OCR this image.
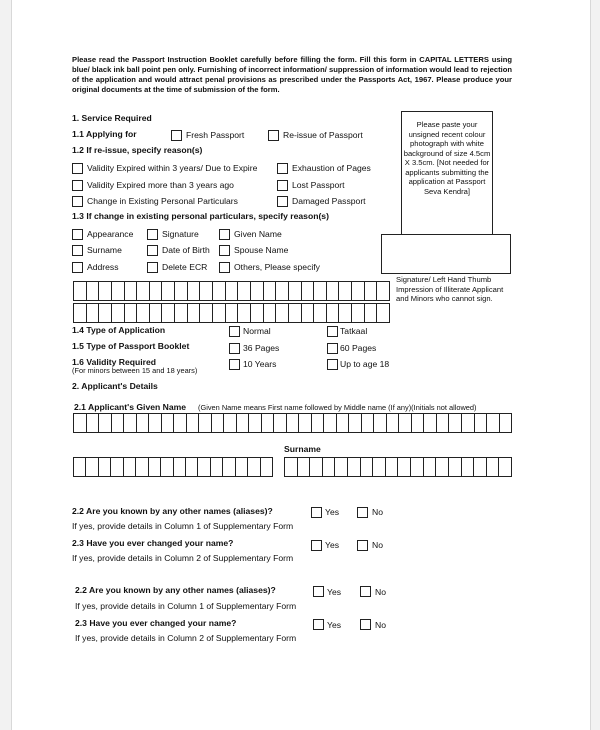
Please read the Passport Instruction Booklet carefully before filling the form. Fill this form in CAPITAL LETTERS using blue/ black ink ball point pen only. Furnishing of incorrect information/ suppression of information would lead to rejection of the application and would attract penal provisions as prescribed under the Passports Act, 1967. Please produce your original documents at the time of submission of the form.
1. Service Required
1.1 Applying for	Fresh Passport	Re-issue of Passport
1.2 If re-issue, specify reason(s)
Validity Expired within 3 years/ Due to Expire	Exhaustion of Pages
Validity Expired more than 3 years ago	Lost Passport
Change in Existing Personal Particulars	Damaged Passport
1.3 If change in existing personal particulars, specify reason(s)
Appearance	Signature	Given Name
Surname	Date of Birth	Spouse Name
Address	Delete ECR	Others, Please specify
Please paste your unsigned recent colour photograph with white background of size 4.5cm X 3.5cm. [Not needed for applicants submitting the application at Passport Seva Kendra]
Signature/ Left Hand Thumb Impression of Illiterate Applicant and Minors who cannot sign.
1.4 Type of Application	Normal	Tatkaal
1.5 Type of Passport Booklet	36 Pages	60 Pages
1.6 Validity Required
(For minors between 15 and 18 years)
10 Years	Up to age 18
2. Applicant's Details
2.1 Applicant's Given Name (Given Name means First name followed by Middle name (If any)(Initials not allowed)
Surname
2.2 Are you known by any other names (aliases)?	Yes	No
If yes, provide details in Column 1 of Supplementary Form
2.3 Have you ever changed your name?	Yes	No
If yes, provide details in Column 2 of Supplementary Form
2.2 Are you known by any other names (aliases)?	Yes	No
If yes, provide details in Column 1 of Supplementary Form
2.3 Have you ever changed your name?	Yes	No
If yes, provide details in Column 2 of Supplementary Form
